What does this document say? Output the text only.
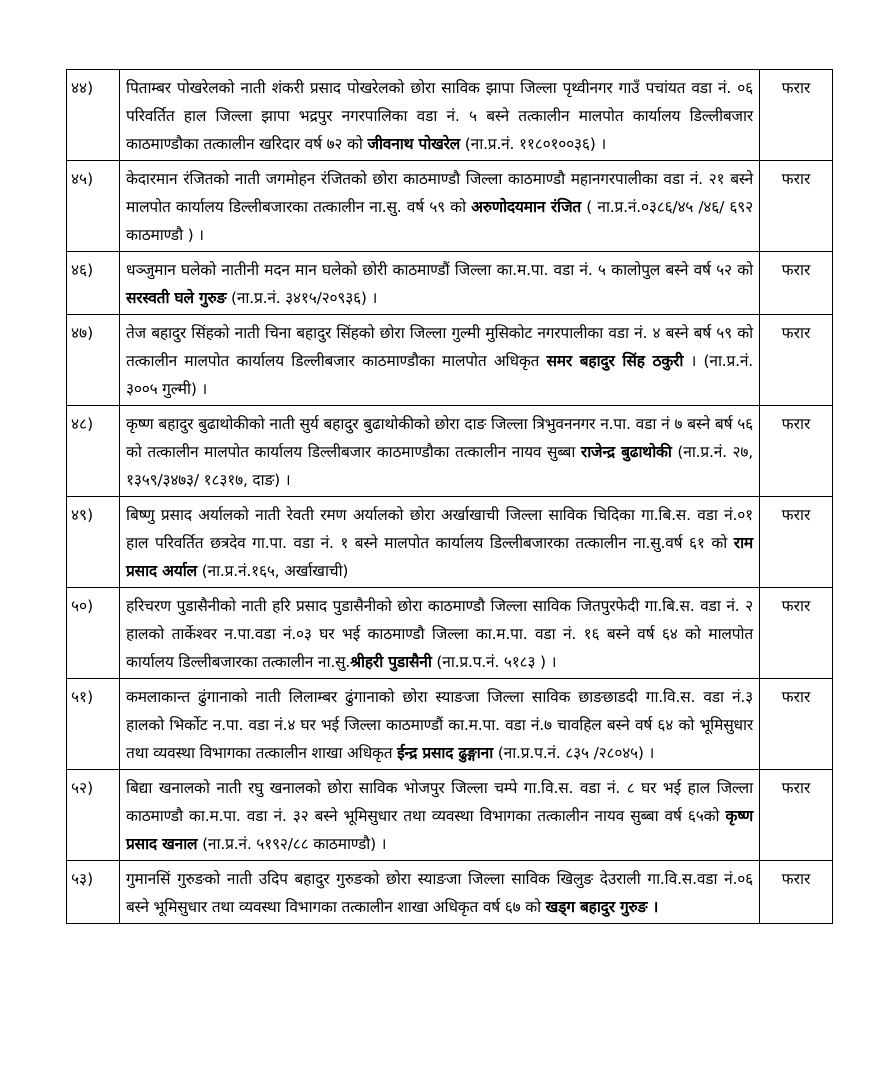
४४)	पिताम्बर पोखरेलको नाती शंकरी प्रसाद पोखरेलको छोरा साविक झापा जिल्ला पृथ्वीनगर गाउँ पचांयत वडा नं. ०६ परिवर्तित हाल जिल्ला झापा भद्रपुर नगरपालिका वडा नं. ५ बस्ने तत्कालीन मालपोत कार्यालय डिल्लीबजार काठमाण्डौका तत्कालीन खरिदार वर्ष ७२ को जीवनाथ पोखरेल (ना.प्र.नं. ११८०१००३६) ।	फरार
४५)	केदारमान रंजितको नाती जगमोहन रंजितको छोरा काठमाण्डौ जिल्ला काठमाण्डौ महानगरपालीका वडा नं. २१ बस्ने मालपोत कार्यालय डिल्लीबजारका तत्कालीन ना.सु. वर्ष ५९ को अरुणोदयमान रंजित ( ना.प्र.नं.०३८६/४५ /४६/ ६९२ काठमाण्डौ ) ।	फरार
४६)	धञ्जुमान घलेको नातीनी मदन मान घलेको छोरी काठमाण्डौं जिल्ला का.म.पा. वडा नं. ५ कालोपुल बस्ने वर्ष ५२ को सरस्वती घले गुरुङ (ना.प्र.नं. ३४१५/२०९३६) ।	फरार
४७)	तेज बहादुर सिंहको नाती चिना बहादुर सिंहको छोरा जिल्ला गुल्मी मुसिकोट नगरपालीका वडा नं. ४ बस्ने बर्ष ५९ को तत्कालीन मालपोत कार्यालय डिल्लीबजार काठमाण्डौका मालपोत अधिकृत समर बहादुर सिंह ठकुरी । (ना.प्र.नं. ३००५ गुल्मी) ।	फरार
४८)	कृष्ण बहादुर बुढाथोकीको नाती सुर्य बहादुर बुढाथोकीको छोरा दाङ जिल्ला त्रिभुवननगर न.पा. वडा नं ७ बस्ने बर्ष ५६ को तत्कालीन मालपोत कार्यालय डिल्लीबजार काठमाण्डौका तत्कालीन नायव सुब्बा राजेन्द्र बुढाथोकी (ना.प्र.नं. २७, १३५९/३४७३/ १८३१७, दाङ) ।	फरार
४९)	बिष्णु प्रसाद अर्यालको नाती रेवती रमण अर्यालको छोरा अर्खाखाची जिल्ला साविक चिदिका गा.बि.स. वडा नं.०१ हाल परिवर्तित छत्रदेव गा.पा. वडा नं. १ बस्ने मालपोत कार्यालय डिल्लीबजारका तत्कालीन ना.सु.वर्ष ६१ को राम प्रसाद अर्याल (ना.प्र.नं.१६५, अर्खाखाची)	फरार
५०)	हरिचरण पुडासैनीको नाती हरि प्रसाद पुडासैनीको छोरा काठमाण्डौ जिल्ला साविक जितपुरफेदी गा.बि.स. वडा नं. २ हालको तार्केश्वर न.पा.वडा नं.०३ घर भई काठमाण्डौ जिल्ला का.म.पा. वडा नं. १६ बस्ने वर्ष ६४ को मालपोत कार्यालय डिल्लीबजारका तत्कालीन ना.सु.श्रीहरी पुडासैनी (ना.प्र.प.नं. ५१८३ ) ।	फरार
५१)	कमलाकान्त ढुंगानाको नाती लिलाम्बर ढुंगानाको छोरा स्याङजा जिल्ला साविक छाङछाडदी गा.वि.स. वडा नं.३ हालको भिर्कोट न.पा. वडा नं.४ घर भई जिल्ला काठमाण्डौं का.म.पा. वडा नं.७ चावहिल बस्ने वर्ष ६४ को भूमिसुधार तथा व्यवस्था विभागका तत्कालीन शाखा अधिकृत ईन्द्र प्रसाद ढुङ्गाना (ना.प्र.प.नं. ८३५ /२८०४५) ।	फरार
५२)	बिद्या खनालको नाती रघु खनालको छोरा साविक भोजपुर जिल्ला चम्पे गा.वि.स. वडा नं. ८ घर भई हाल जिल्ला काठमाण्डौ का.म.पा. वडा नं. ३२ बस्ने भूमिसुधार तथा व्यवस्था विभागका तत्कालीन नायव सुब्बा वर्ष ६५को कृष्ण प्रसाद खनाल (ना.प्र.नं. ५१९२/८८ काठमाण्डौ) ।	फरार
५३)	गुमानसिं गुरुङको नाती उदिप बहादुर गुरुङको छोरा स्याङजा जिल्ला साविक खिलुङ देउराली गा.वि.स.वडा नं.०६ बस्ने भूमिसुधार तथा व्यवस्था विभागका तत्कालीन शाखा अधिकृत वर्ष ६७ को खड्ग बहादुर गुरुङ ।	फरार
